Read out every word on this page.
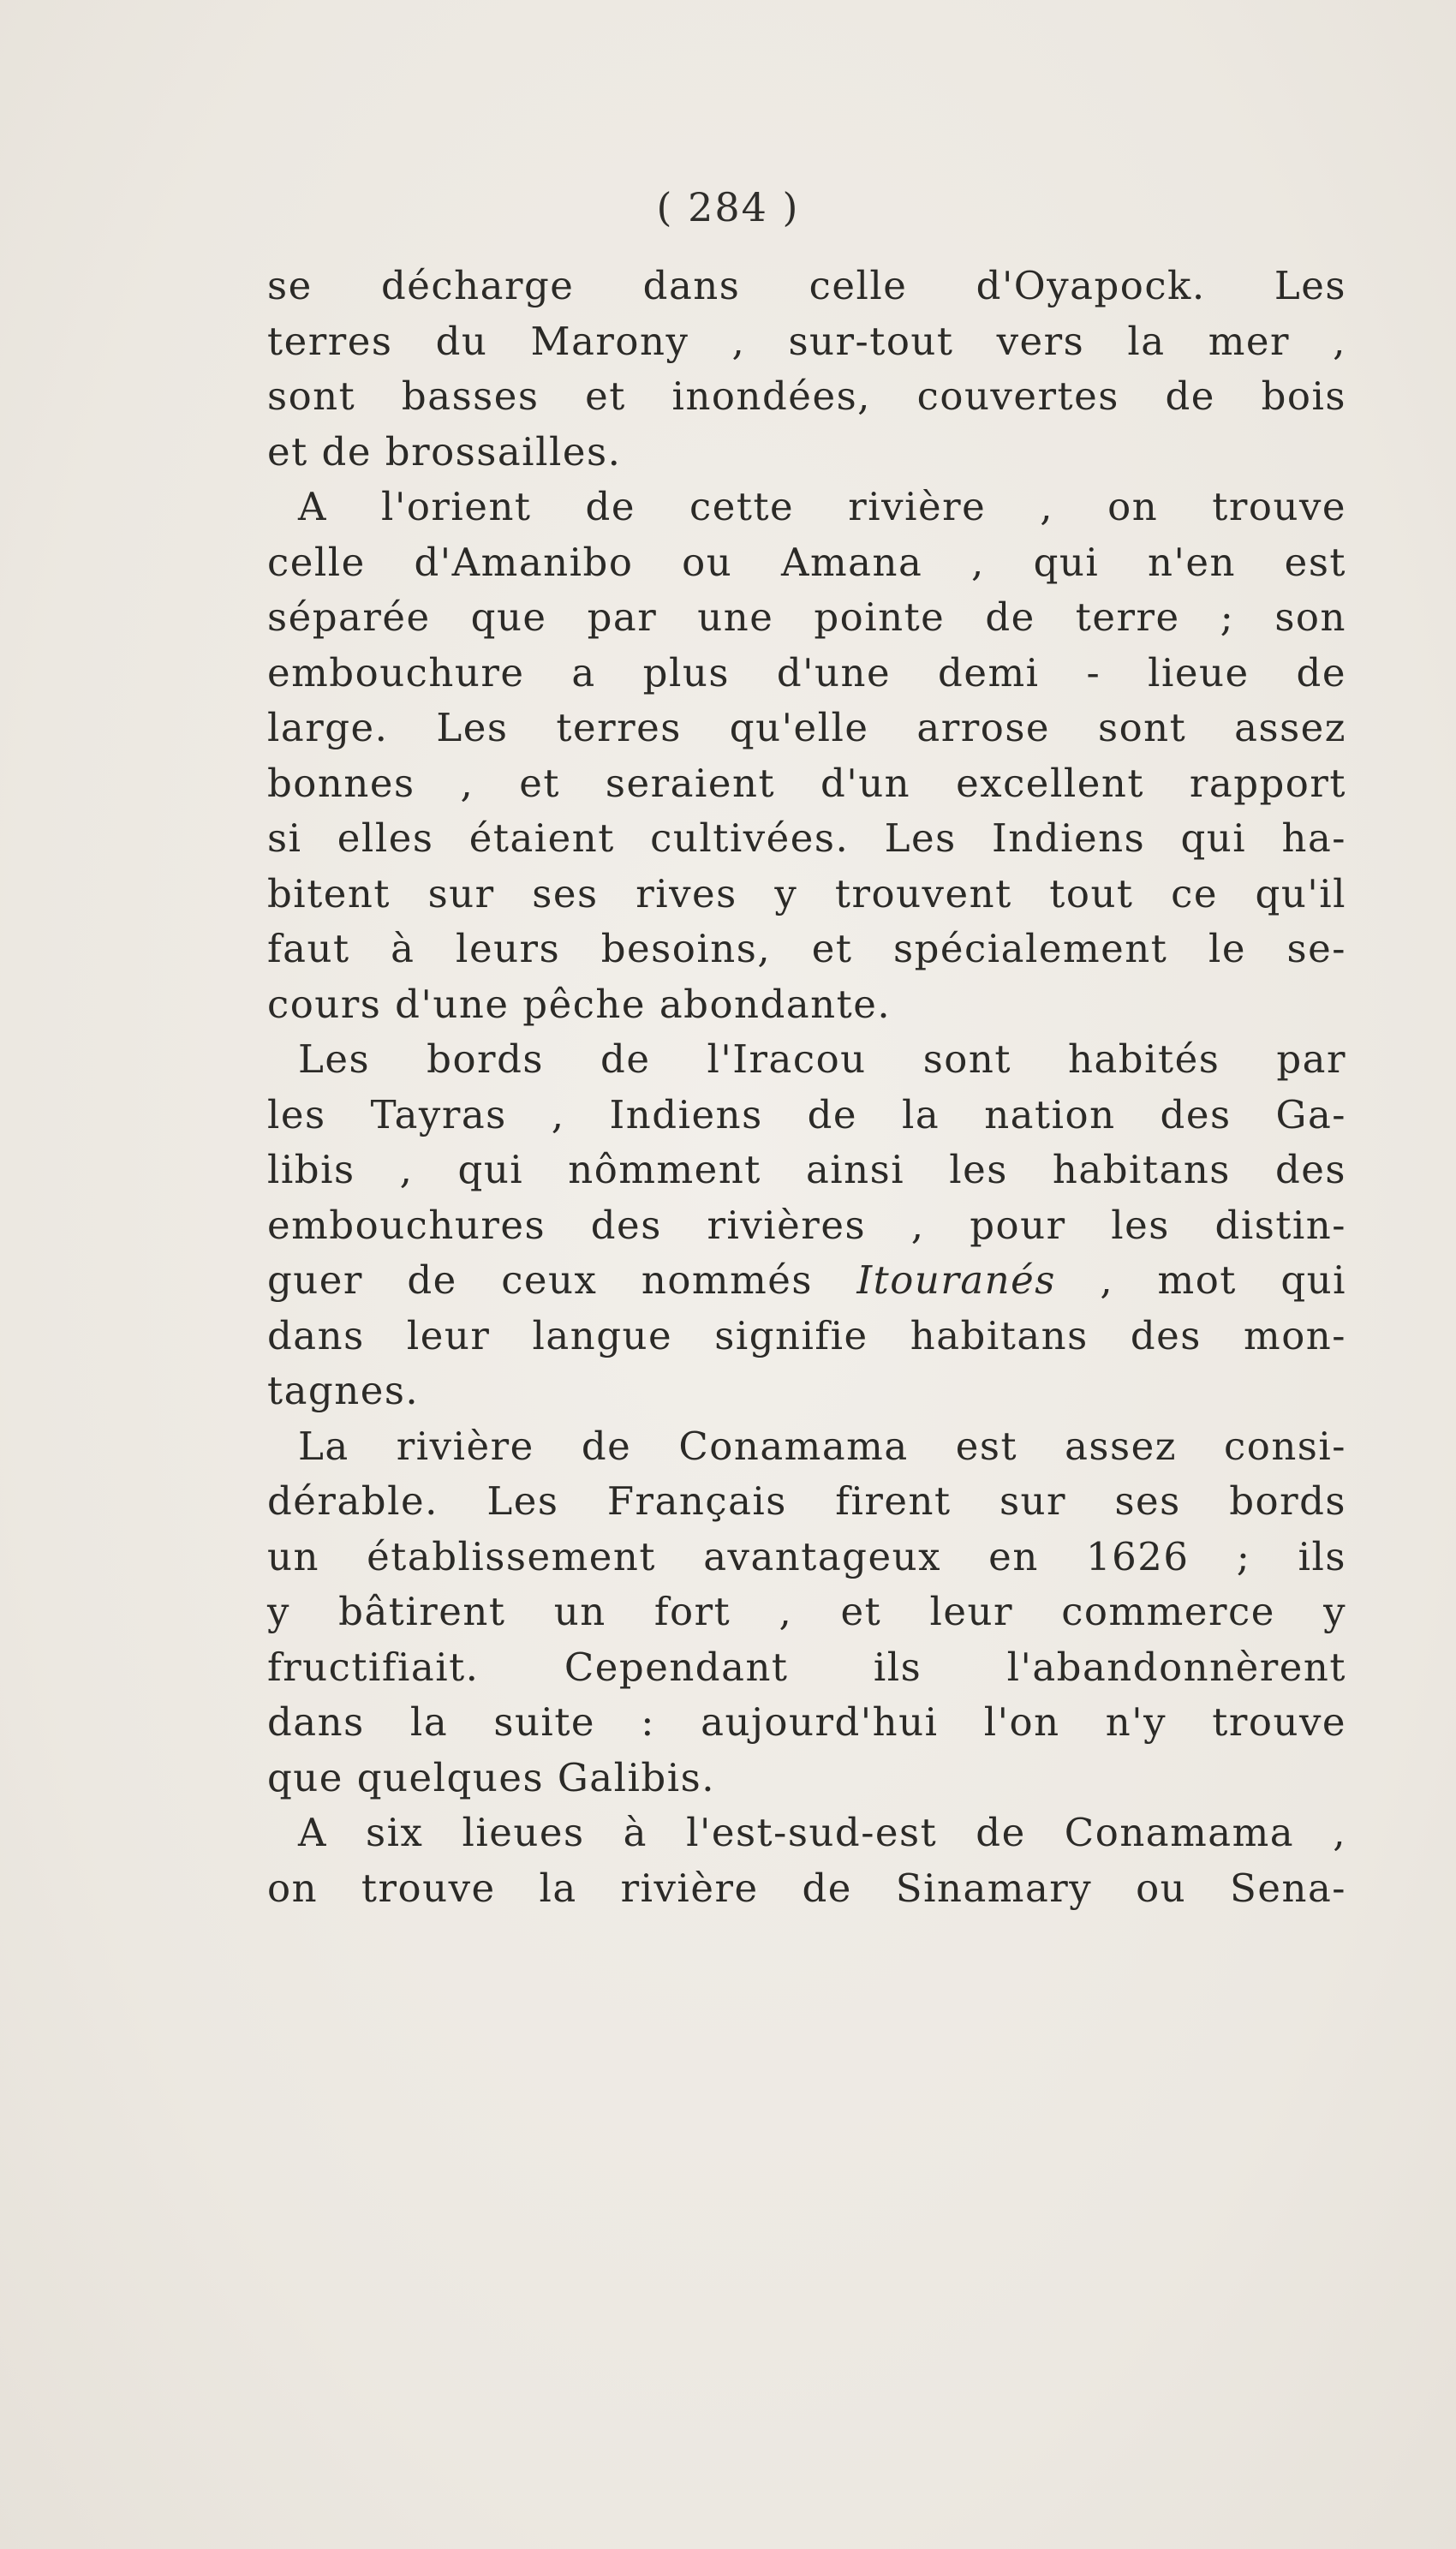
( 284 )
se décharge dans celle d'Oyapock. Les
terres du Marony , sur-tout vers la mer ,
sont basses et inondées, couvertes de bois
et de brossailles.
A l'orient de cette rivière , on trouve
celle d'Amanibo ou Amana , qui n'en est
séparée que par une pointe de terre ; son
embouchure a plus d'une demi - lieue de
large. Les terres qu'elle arrose sont assez
bonnes , et seraient d'un excellent rapport
si elles étaient cultivées. Les Indiens qui ha-
bitent sur ses rives y trouvent tout ce qu'il
faut à leurs besoins, et spécialement le se-
cours d'une pêche abondante.
Les bords de l'Iracou sont habités par
les Tayras , Indiens de la nation des Ga-
libis , qui nômment ainsi les habitans des
embouchures des rivières , pour les distin-
guer de ceux nommés Itouranés , mot qui
dans leur langue signifie habitans des mon-
tagnes.
La rivière de Conamama est assez consi-
dérable. Les Français firent sur ses bords
un établissement avantageux en 1626 ; ils
y bâtirent un fort , et leur commerce y
fructifiait. Cependant ils l'abandonnèrent
dans la suite : aujourd'hui l'on n'y trouve
que quelques Galibis.
A six lieues à l'est-sud-est de Conamama ,
on trouve la rivière de Sinamary ou Sena-
